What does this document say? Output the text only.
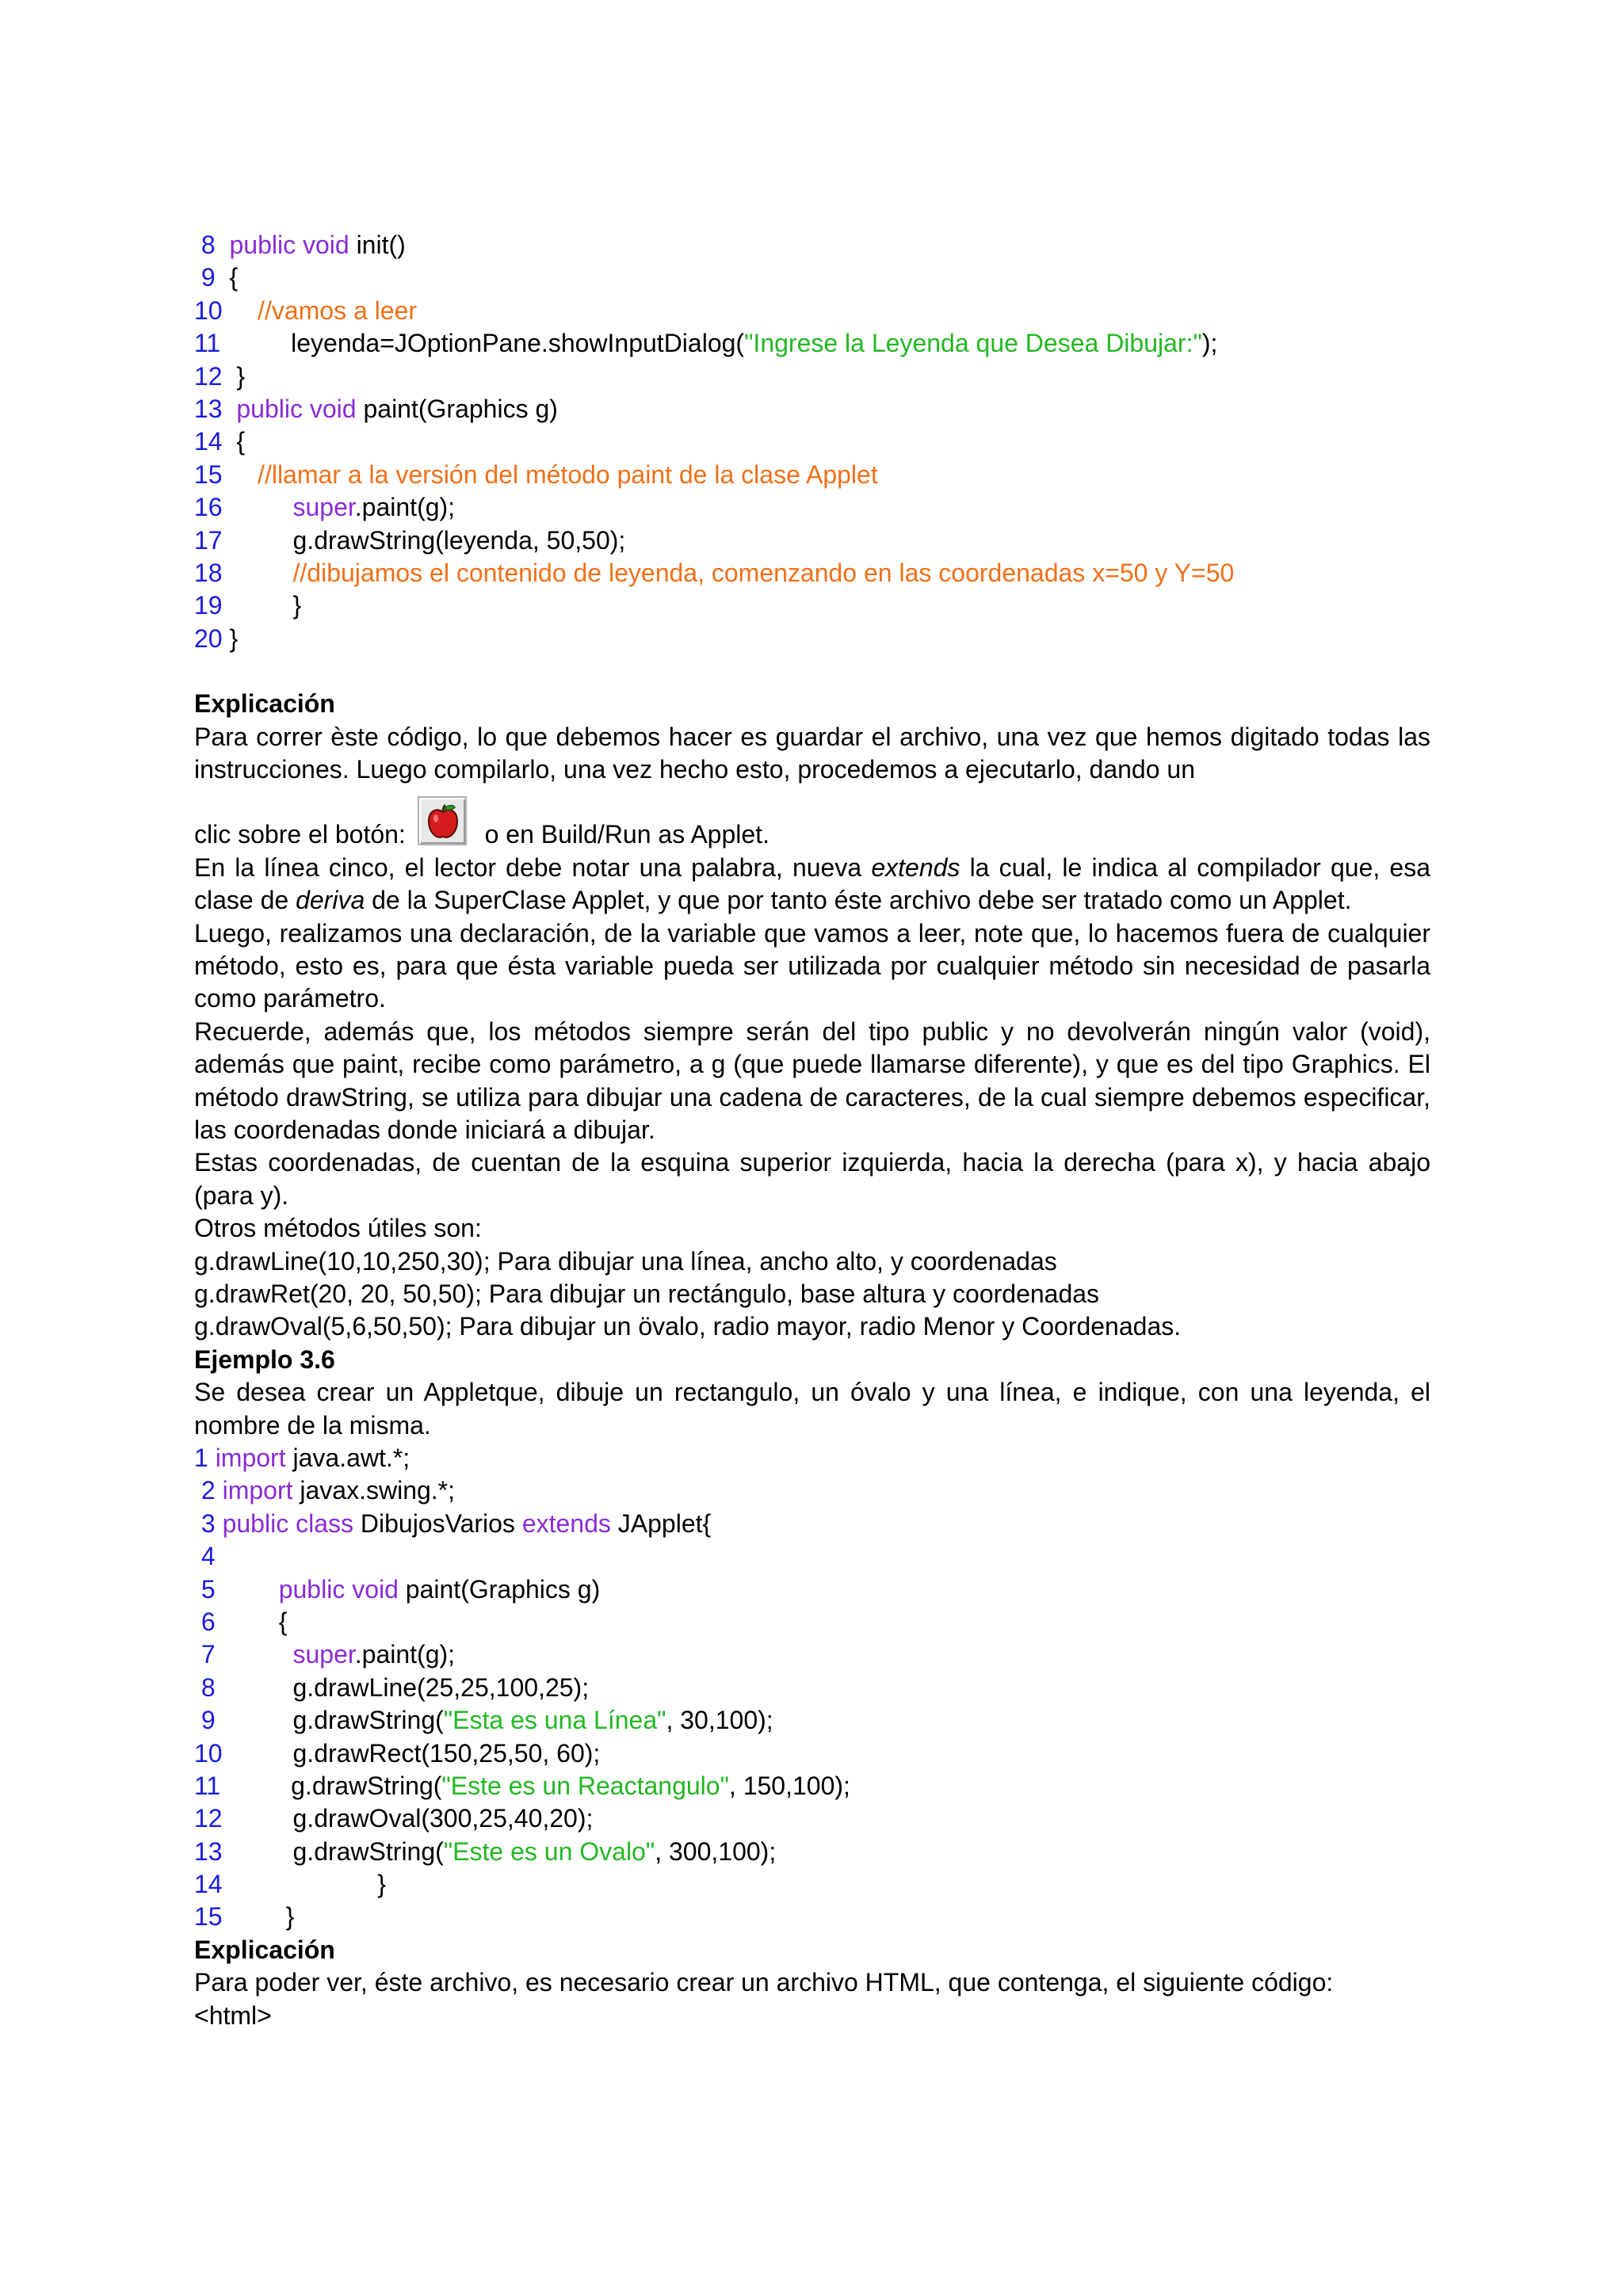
8 public void init()
9 {
10 //vamos a leer
11	leyenda=JOptionPane.showInputDialog("Ingrese la Leyenda que Desea Dibujar:");
12 }
13 public void paint(Graphics g)
14 {
15 //llamar a la versión del método paint de la clase Applet
16	super.paint(g);
17	g.drawString(leyenda, 50,50);
18	//dibujamos el contenido de leyenda, comenzando en las coordenadas x=50 y Y=50
19	}
20 }
Explicación
Para correr èste código, lo que debemos hacer es guardar el archivo, una vez que hemos digitado todas las instrucciones. Luego compilarlo, una vez hecho esto, procedemos a ejecutarlo, dando un
clic sobre el botón:	o en Build/Run as Applet.
En la línea cinco, el lector debe notar una palabra, nueva extends la cual, le indica al compilador que, esa clase de deriva de la SuperClase Applet, y que por tanto éste archivo debe ser tratado como un Applet.
Luego, realizamos una declaración, de la variable que vamos a leer, note que, lo hacemos fuera de cualquier método, esto es, para que ésta variable pueda ser utilizada por cualquier método sin necesidad de pasarla como parámetro.
Recuerde, además que, los métodos siempre serán del tipo public y no devolverán ningún valor (void), además que paint, recibe como parámetro, a g (que puede llamarse diferente), y que es del tipo Graphics. El método drawString, se utiliza para dibujar una cadena de caracteres, de la cual siempre debemos especificar, las coordenadas donde iniciará a dibujar.
Estas coordenadas, de cuentan de la esquina superior izquierda, hacia la derecha (para x), y hacia abajo (para y).
Otros métodos útiles son:
g.drawLine(10,10,250,30); Para dibujar una línea, ancho alto, y coordenadas
g.drawRet(20, 20, 50,50); Para dibujar un rectángulo, base altura y coordenadas
g.drawOval(5,6,50,50); Para dibujar un övalo, radio mayor, radio Menor y Coordenadas.
Ejemplo 3.6
Se desea crear un Appletque, dibuje un rectangulo, un óvalo y una línea, e indique, con una leyenda, el nombre de la misma.
1 import java.awt.*;
2 import javax.swing.*;
3 public class DibujosVarios extends JApplet{
4
5	public void paint(Graphics g)
6	{
7	super.paint(g);
8	g.drawLine(25,25,100,25);
9	g.drawString("Esta es una Línea", 30,100);
10	g.drawRect(150,25,50, 60);
11	g.drawString("Este es un Reactangulo", 150,100);
12	g.drawOval(300,25,40,20);
13	g.drawString("Este es un Ovalo", 300,100);
14	}
15	}
Explicación
Para poder ver, éste archivo, es necesario crear un archivo HTML, que contenga, el siguiente código:
<html>
